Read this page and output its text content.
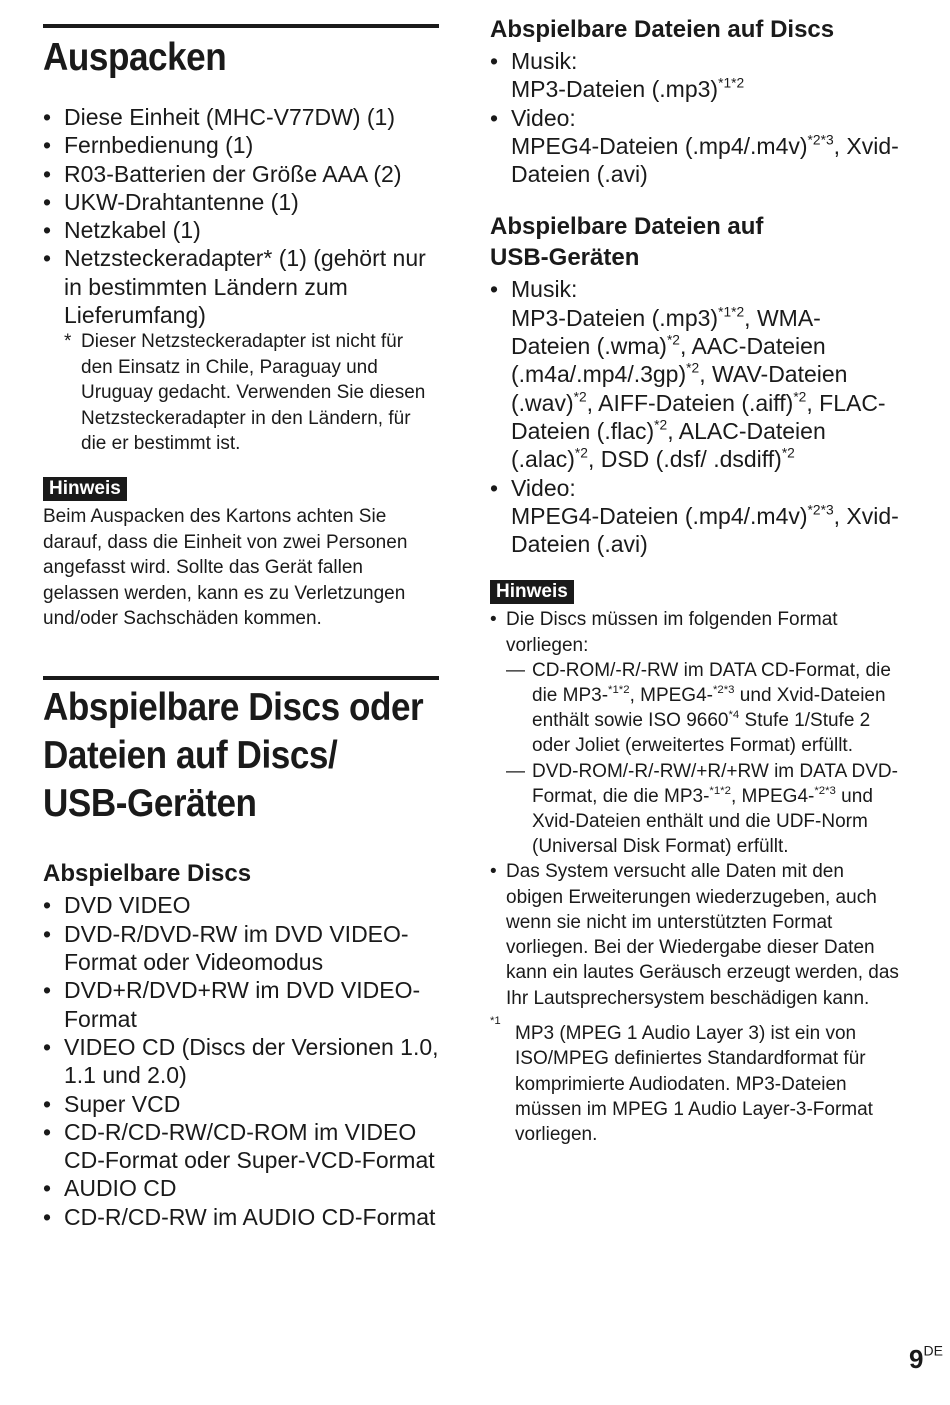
Auspacken
• Diese Einheit (MHC-V77DW) (1)
• Fernbedienung (1)
• R03-Batterien der Größe AAA (2)
• UKW-Drahtantenne (1)
• Netzkabel (1)
• Netzsteckeradapter* (1) (gehört nur in bestimmten Ländern zum Lieferumfang)
* Dieser Netzsteckeradapter ist nicht für den Einsatz in Chile, Paraguay und Uruguay gedacht. Verwenden Sie diesen Netzsteckeradapter in den Ländern, für die er bestimmt ist.
Hinweis

Beim Auspacken des Kartons achten Sie darauf, dass die Einheit von zwei Personen angefasst wird. Sollte das Gerät fallen gelassen werden, kann es zu Verletzungen und/oder Sachschäden kommen.

Abspielbare Discs oder
Dateien auf Discs/
USB-Geräten
Abspielbare Discs
• DVD VIDEO
• DVD-R/DVD-RW im DVD VIDEO-Format oder Videomodus
• DVD+R/DVD+RW im DVD VIDEO-Format
• VIDEO CD (Discs der Versionen 1.0, 1.1 und 2.0)
• Super VCD
• CD-R/CD-RW/CD-ROM im VIDEO CD-Format oder Super-VCD-Format
• AUDIO CD
• CD-R/CD-RW im AUDIO CD-Format
Abspielbare Dateien auf Discs
• Musik:
MP3-Dateien $(.mp3)^{*1*2}$
• Video:
MPEG4-Dateien $(.mp4/.m4v)^{*2*3}$, Xvid-Dateien (.avi)
Abspielbare Dateien auf
USB-Geräten
• Musik:
MP3-Dateien $(.mp3)^{*1*2}$, WMA-Dateien $(.wma)^{*2}$, AAC-Dateien $(.m4a/.mp4/.3gp)^{*2}$, WAV-Dateien $(.wav)^{*2}$, AIFF-Dateien (.aiff)$^{*2}$, FLAC-Dateien (.flac)$^{*2}$, ALAC-Dateien (.alac)$^{*2}$, DSD (.dsf/ .dsdiff)$^{*2}$
• Video:
MPEG4-Dateien $(.mp4/.m4v)^{*2*3}$, Xvid-Dateien (.avi)
Hinweis
• Die Discs müssen im folgenden Format vorliegen:
— CD-ROM/-R/-RW im DATA CD-Format, die die MP3-$^{*1*2}$, MPEG4-$^{*2*3}$ und Xvid-Dateien enthält sowie ISO 9660$^{*4}$ Stufe 1/Stufe 2 oder Joliet (erweitertes Format) erfüllt.
— DVD-ROM/-R/-RW/+R/+RW im DATA DVD-Format, die die MP3-$^{*1*2}$, MPEG4-$^{*2*3}$ und Xvid-Dateien enthält und die UDF-Norm (Universal Disk Format) erfüllt.
• Das System versucht alle Daten mit den obigen Erweiterungen wiederzugeben, auch wenn sie nicht im unterstützten Format vorliegen. Bei der Wiedergabe dieser Daten kann ein lautes Geräusch erzeugt werden, das Ihr Lautsprechersystem beschädigen kann.
*1
MP3 (MPEG 1 Audio Layer 3) ist ein von ISO/MPEG definiertes Standardformat für komprimierte Audiodaten. MP3-Dateien müssen im MPEG 1 Audio Layer-3-Format vorliegen.
9DE
